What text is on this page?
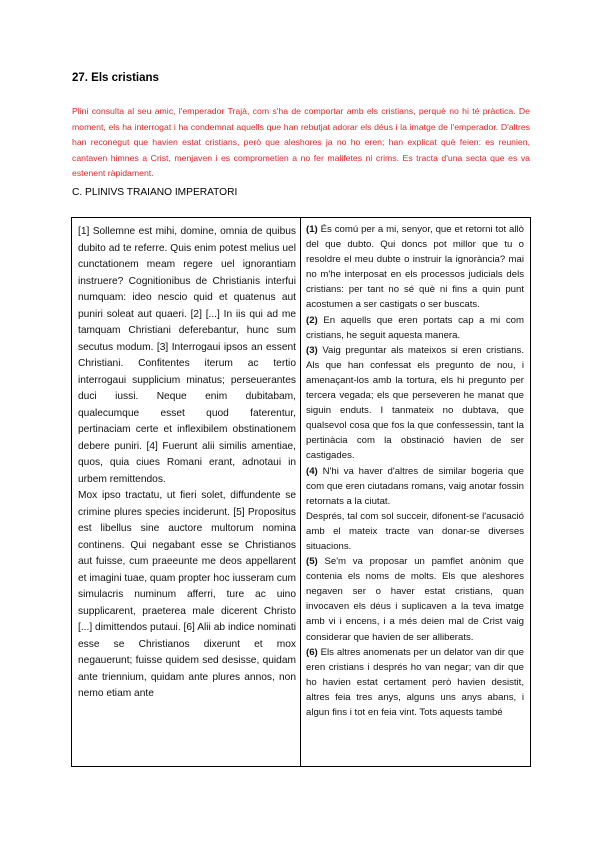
27. Els cristians

Plini consulta al seu amic, l'emperador Trajà, com s'ha de comportar amb els cristians, perquè no hi té pràctica. De moment, els ha interrogat i ha condemnat aquells que han rebutjat adorar els déus i la imatge de l'emperador. D'altres han reconegut que havien estat cristians, però que aleshores ja no ho eren; han explicat què feien: es reunien, cantaven himnes a Crist, menjaven i es comprometien a no fer malifetes ni crims. Es tracta d'una secta que es va estenent ràpidament.

C. PLINIVS TRAIANO IMPERATORI

[1] Sollemne est mihi, domine, omnia de quibus dubito ad te referre. Quis enim potest melius uel cunctationem meam regere uel ignorantiam instruere? Cognitionibus de Christianis interfui numquam: ideo nescio quid et quatenus aut puniri soleat aut quaeri. [2] [...] In iis qui ad me tamquam Christiani deferebantur, hunc sum secutus modum. [3] Interrogaui ipsos an essent Christiani. Confitentes iterum ac tertio interrogaui supplicium minatus; perseuerantes duci iussi. Neque enim dubitabam, qualecumque esset quod faterentur, pertinaciam certe et inflexibilem obstinationem debere puniri. [4] Fuerunt alii similis amentiae, quos, quia ciues Romani erant, adnotaui in urbem remittendos.

Mox ipso tractatu, ut fieri solet, diffundente se crimine plures species inciderunt. [5] Propositus est libellus sine auctore multorum nomina continens. Qui negabant esse se Christianos aut fuisse, cum praeeunte me deos appellarent et imagini tuae, quam propter hoc iusseram cum simulacris numinum afferri, ture ac uino supplicarent, praeterea male dicerent Christo [...] dimittendos putaui. [6] Alii ab indice nominati esse se Christianos dixerunt et mox negauerunt; fuisse quidem sed desisse, quidam ante triennium, quidam ante plures annos, non nemo etiam ante

(1) És comú per a mi, senyor, que et retorni tot allò del que dubto. Qui doncs pot millor que tu o resoldre el meu dubte o instruir la ignorància? mai no m'he interposat en els processos judicials dels cristians: per tant no sé què ni fins a quin punt acostumen a ser castigats o ser buscats.

(2) En aquells que eren portats cap a mi com cristians, he seguit aquesta manera.

(3) Vaig preguntar als mateixos si eren cristians. Als que han confessat els pregunto de nou, i amenaçant-los amb la tortura, els hi pregunto per tercera vegada; els que perseveren he manat que siguin enduts. I tanmateix no dubtava, que qualsevol cosa que fos la que confessessin, tant la pertinàcia com la obstinació havien de ser castigades.

(4) N'hi va haver d'altres de similar bogeria que com que eren ciutadans romans, vaig anotar fossin retornats a la ciutat.

Després, tal com sol succeir, difonent-se l'acusació amb el mateix tracte van donar-se diverses situacions.

(5) Se'm va proposar un pamflet anònim que contenia els noms de molts. Els que aleshores negaven ser o haver estat cristians, quan invocaven els déus i suplicaven a la teva imatge amb vi i encens, i a més deien mal de Crist vaig considerar que havien de ser alliberats.

(6) Els altres anomenats per un delator van dir que eren cristians i després ho van negar; van dir que ho havien estat certament però havien desistit, altres feia tres anys, alguns uns anys abans, i algun fins i tot en feia vint. Tots aquests també
